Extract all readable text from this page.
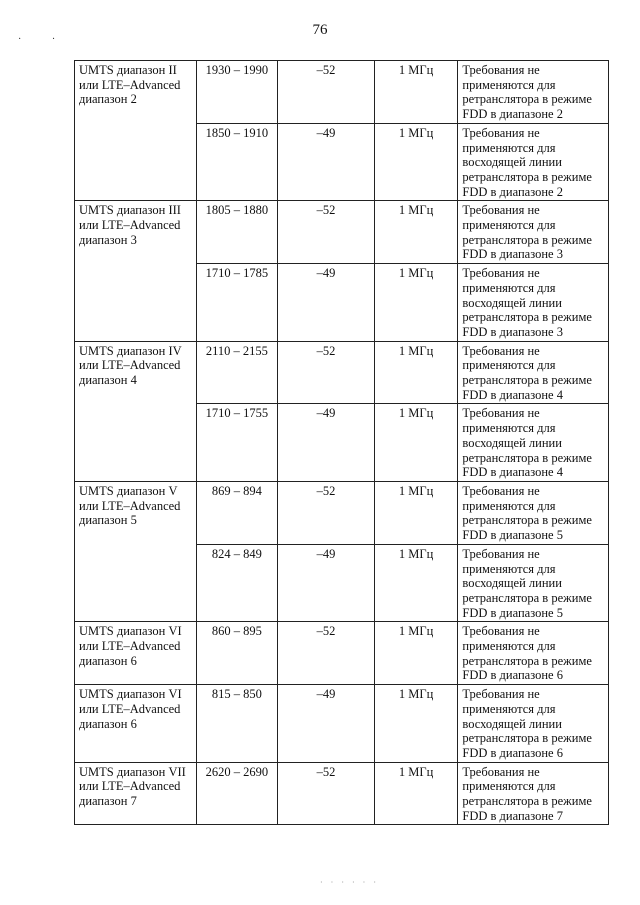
· ·
76
UMTS диапазон II или LTE–Advanced диапазон 2	1930 – 1990	–52	1 МГц	Требования не применяются для ретранслятора в режиме FDD в диапазоне 2
	1850 – 1910	–49	1 МГц	Требования не применяются для восходящей линии ретранслятора в режиме FDD в диапазоне 2
UMTS диапазон III или LTE–Advanced диапазон 3	1805 – 1880	–52	1 МГц	Требования не применяются для ретранслятора в режиме FDD в диапазоне 3
	1710 – 1785	–49	1 МГц	Требования не применяются для восходящей линии ретранслятора в режиме FDD в диапазоне 3
UMTS диапазон IV или LTE–Advanced диапазон 4	2110 – 2155	–52	1 МГц	Требования не применяются для ретранслятора в режиме FDD в диапазоне 4
	1710 – 1755	–49	1 МГц	Требования не применяются для восходящей линии ретранслятора в режиме FDD в диапазоне 4
UMTS диапазон V или LTE–Advanced диапазон 5	869 – 894	–52	1 МГц	Требования не применяются для ретранслятора в режиме FDD в диапазоне 5
	824 – 849	–49	1 МГц	Требования не применяются для восходящей линии ретранслятора в режиме FDD в диапазоне 5
UMTS диапазон VI или LTE–Advanced диапазон 6	860 – 895	–52	1 МГц	Требования не применяются для ретранслятора в режиме FDD в диапазоне 6
UMTS диапазон VI или LTE–Advanced диапазон 6	815 – 850	–49	1 МГц	Требования не применяются для восходящей линии ретранслятора в режиме FDD в диапазоне 6
UMTS диапазон VII или LTE–Advanced диапазон 7	2620 – 2690	–52	1 МГц	Требования не применяются для ретранслятора в режиме FDD в диапазоне 7
· · · · · ·
